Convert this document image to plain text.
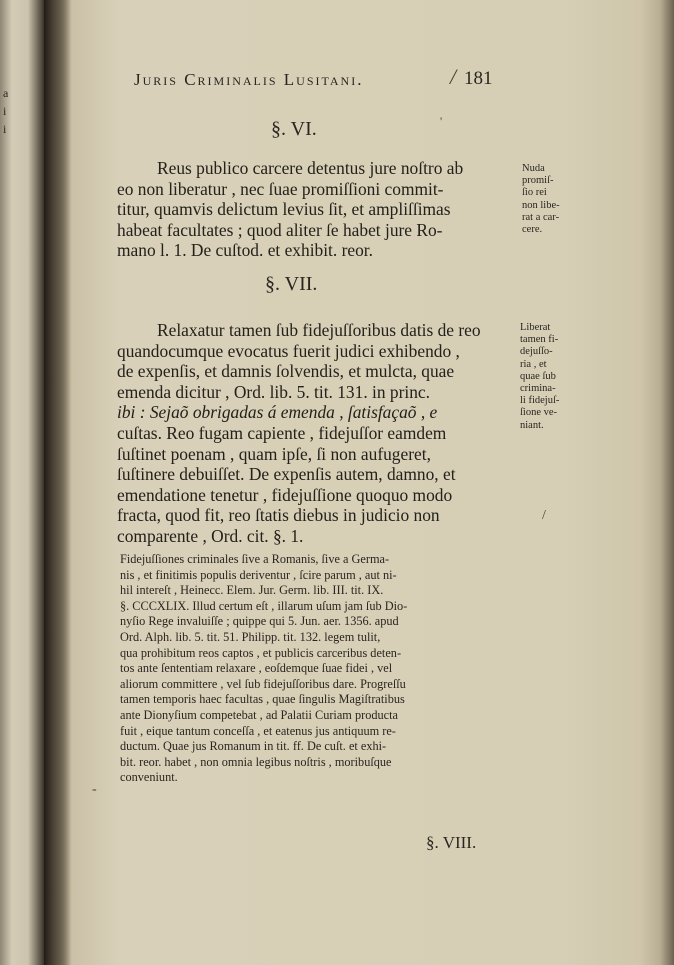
a
i
i
Juris Criminalis Lusitani.	/ 181
§. VI.	'
Reus publico carcere detentus jure noſtro ab
eo non liberatur , nec ſuae promiſſioni commit-
titur, quamvis delictum levius ſit, et ampliſſimas
habeat facultates ; quod aliter ſe habet jure Ro-
mano l. 1. De cuſtod. et exhibit. reor.
Nuda
promiſ-
ſio rei
non libe-
rat a car-
cere.
§. VII.
Relaxatur tamen ſub fidejuſſoribus datis de reo
quandocumque evocatus fuerit judici exhibendo ,
de expenſis, et damnis ſolvendis, et mulcta, quae
emenda dicitur , Ord. lib. 5. tit. 131. in princ.
ibi : Sejaõ obrigadas á emenda , ſatisfaçaõ , e
cuſtas. Reo fugam capiente , fidejuſſor eamdem
ſuſtinet poenam , quam ipſe, ſi non aufugeret,
ſuſtinere debuiſſet. De expenſis autem, damno, et
emendatione tenetur , fidejuſſione quoquo modo
fracta, quod fit, reo ſtatis diebus in judicio non
comparente , Ord. cit. §. 1.
Liberat
tamen fi-
dejuſſo-
ria , et
quae ſub
crimina-
li fidejuſ-
ſione ve-
niant.
/
Fidejuſſiones criminales ſive a Romanis, ſive a Germa-
nis , et finitimis populis deriventur , ſcire parum , aut ni-
hil intereſt , Heinecc. Elem. Jur. Germ. lib. III. tit. IX.
§. CCCXLIX. Illud certum eſt , illarum uſum jam ſub Dio-
nyſio Rege invaluiſſe ; quippe qui 5. Jun. aer. 1356. apud
Ord. Alph. lib. 5. tit. 51. Philipp. tit. 132. legem tulit,
qua prohibitum reos captos , et publicis carceribus deten-
tos ante ſententiam relaxare , eoſdemque ſuae fidei , vel
aliorum committere , vel ſub fidejuſſoribus dare. Progreſſu
tamen temporis haec facultas , quae ſingulis Magiſtratibus
ante Dionyſium competebat , ad Palatii Curiam producta
fuit , eique tantum conceſſa , et eatenus jus antiquum re-
ductum. Quae jus Romanum in tit. ff. De cuſt. et exhi-
bit. reor. habet , non omnia legibus noſtris , moribuſque
conveniunt.
-
§. VIII.
